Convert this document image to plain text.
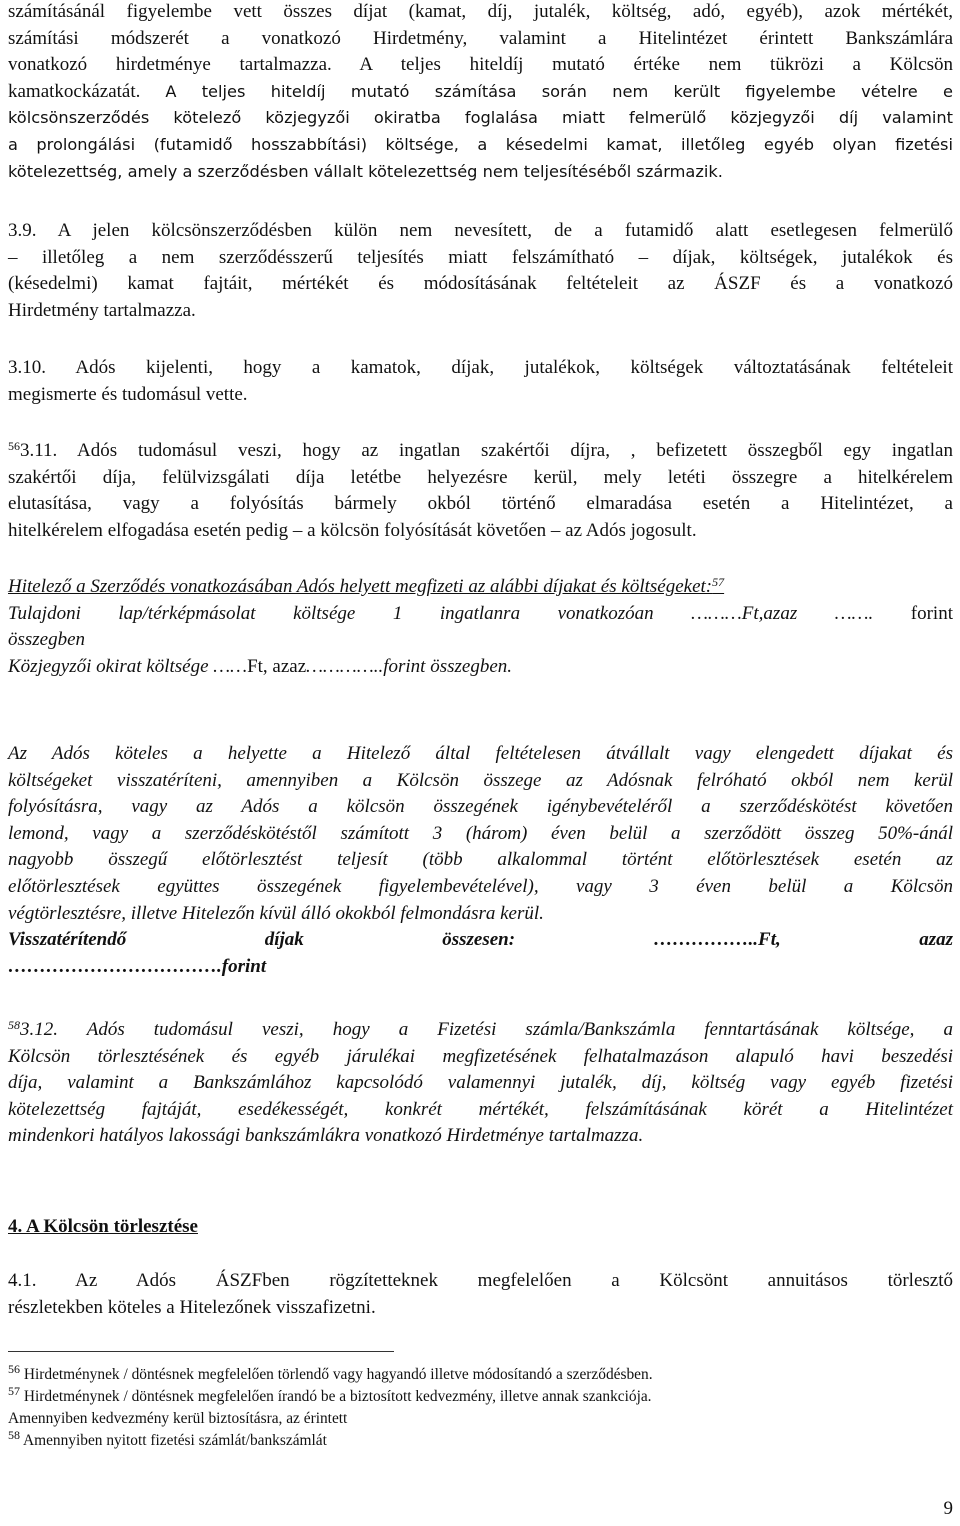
számításánál figyelembe vett összes díjat (kamat, díj, jutalék, költség, adó, egyéb), azok mértékét,
számítási módszerét a vonatkozó Hirdetmény, valamint a Hitelintézet érintett Bankszámlára
vonatkozó hirdetménye tartalmazza. A teljes hiteldíj mutató értéke nem tükrözi a Kölcsön
kamatkockázatát. A teljes hiteldíj mutató számítása során nem került figyelembe vételre e
kölcsönszerződés kötelező közjegyzői okiratba foglalása miatt felmerülő közjegyzői díj valamint
a prolongálási (futamidő hosszabbítási) költsége, a késedelmi kamat, illetőleg egyéb olyan fizetési
kötelezettség, amely a szerződésben vállalt kötelezettség nem teljesítéséből származik.
3.9. A jelen kölcsönszerződésben külön nem nevesített, de a futamidő alatt esetlegesen felmerülő
– illetőleg a nem szerződésszerű teljesítés miatt felszámítható – díjak, költségek, jutalékok és
(késedelmi) kamat fajtáit, mértékét és módosításának feltételeit az ÁSZF és a vonatkozó
Hirdetmény tartalmazza.
3.10. Adós kijelenti, hogy a kamatok, díjak, jutalékok, költségek változtatásának feltételeit
megismerte és tudomásul vette.
$^{56}$3.11. Adós tudomásul veszi, hogy az ingatlan szakértői díjra, , befizetett összegből egy ingatlan
szakértői díja, felülvizsgálati díja letétbe helyezésre kerül, mely letéti összegre a hitelkérelem
elutasítása, vagy a folyósítás bármely okból történő elmaradása esetén a Hitelintézet, a
hitelkérelem elfogadása esetén pedig – a kölcsön folyósítását követően – az Adós jogosult.
Hitelező a Szerződés vonatkozásában Adós helyett megfizeti az alábbi díjakat és költségeket:$^{57}$
Tulajdoni lap/térképmásolat költsége 1 ingatlanra vonatkozóan ………Ft,azaz ……. forint
összegben
Közjegyzői okirat költsége ……Ft, azaz…………..forint összegben.
Az Adós köteles a helyette a Hitelező által feltételesen átvállalt vagy elengedett díjakat és
költségeket visszatéríteni, amennyiben a Kölcsön összege az Adósnak felróható okból nem kerül
folyósításra, vagy az Adós a kölcsön összegének igénybevételéről a szerződéskötést követően
lemond, vagy a szerződéskötéstől számított 3 (három) éven belül a szerződött összeg 50%-ánál
nagyobb összegű előtörlesztést teljesít (több alkalommal történt előtörlesztések esetén az
előtörlesztések együttes összegének figyelembevételével), vagy 3 éven belül a Kölcsön
végtörlesztésre, illetve Hitelezőn kívül álló okokból felmondásra kerül.
Visszatérítendő díjak összesen: ……………..Ft, azaz
…………………………….forint
$^{58}$3.12. Adós tudomásul veszi, hogy a Fizetési számla/Bankszámla fenntartásának költsége, a
Kölcsön törlesztésének és egyéb járulékai megfizetésének felhatalmazáson alapuló havi beszedési
díja, valamint a Bankszámlához kapcsolódó valamennyi jutalék, díj, költség vagy egyéb fizetési
kötelezettség fajtáját, esedékességét, konkrét mértékét, felszámításának körét a Hitelintézet
mindenkori hatályos lakossági bankszámlákra vonatkozó Hirdetménye tartalmazza.
4. A Kölcsön törlesztése
4.1. Az Adós ÁSZFben rögzítetteknek megfelelően a Kölcsönt annuitásos törlesztő
részletekben köteles a Hitelezőnek visszafizetni.
$^{56}$ Hirdetménynek / döntésnek megfelelően törlendő vagy hagyandó illetve módosítandó a szerződésben.
$^{57}$ Hirdetménynek / döntésnek megfelelően írandó be a biztosított kedvezmény, illetve annak szankciója.
Amennyiben kedvezmény kerül biztosításra, az érintett
$^{58}$ Amennyiben nyitott fizetési számlát/bankszámlát
9
